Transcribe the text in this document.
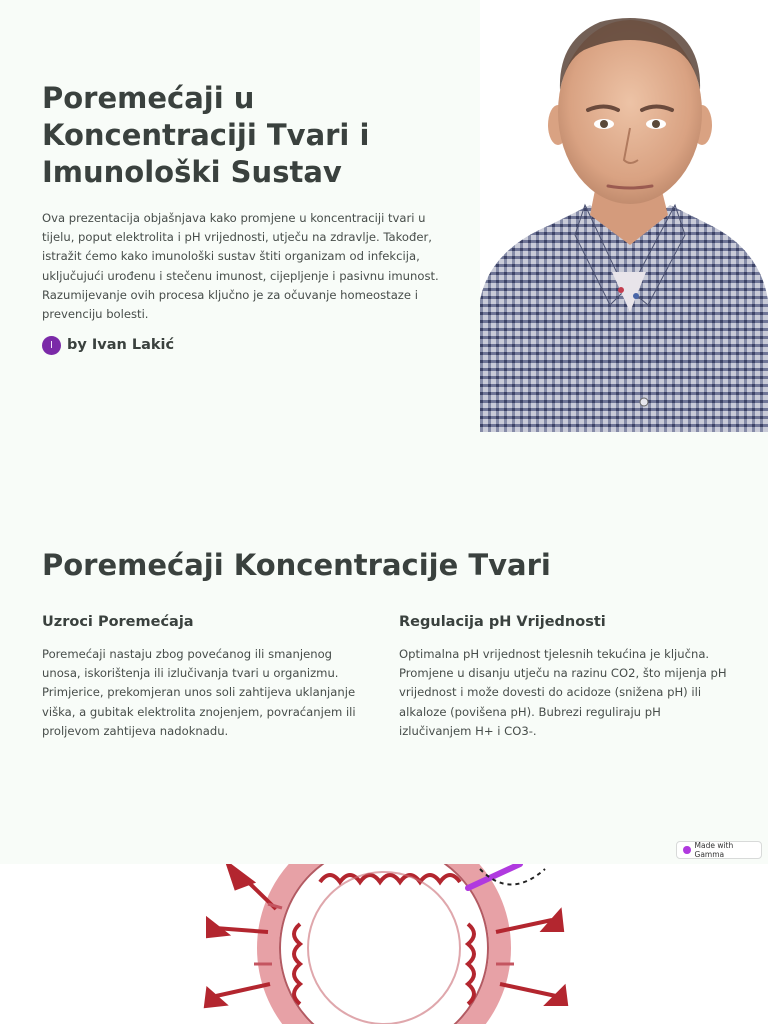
Poremećaji u Koncentraciji Tvari i Imunološki Sustav

Ova prezentacija objašnjava kako promjene u koncentraciji tvari u tijelu, poput elektrolita i pH vrijednosti, utječu na zdravlje. Također, istražit ćemo kako imunološki sustav štiti organizam od infekcija, uključujući urođenu i stečenu imunost, cijepljenje i pasivnu imunost. Razumijevanje ovih procesa ključno je za očuvanje homeostaze i prevenciju bolesti.

I by Ivan Lakić
Poremećaji Koncentracije Tvari
Uzroci Poremećaja

Poremećaji nastaju zbog povećanog ili smanjenog unosa, iskorištenja ili izlučivanja tvari u organizmu. Primjerice, prekomjeran unos soli zahtijeva uklanjanje viška, a gubitak elektrolita znojenjem, povraćanjem ili proljevom zahtijeva nadoknadu.

Regulacija pH Vrijednosti

Optimalna pH vrijednost tjelesnih tekućina je ključna. Promjene u disanju utječu na razinu CO2, što mijenja pH vrijednost i može dovesti do acidoze (snižena pH) ili alkaloze (povišena pH). Bubrezi reguliraju pH izlučivanjem H+ i CO3-.

Made with Gamma
